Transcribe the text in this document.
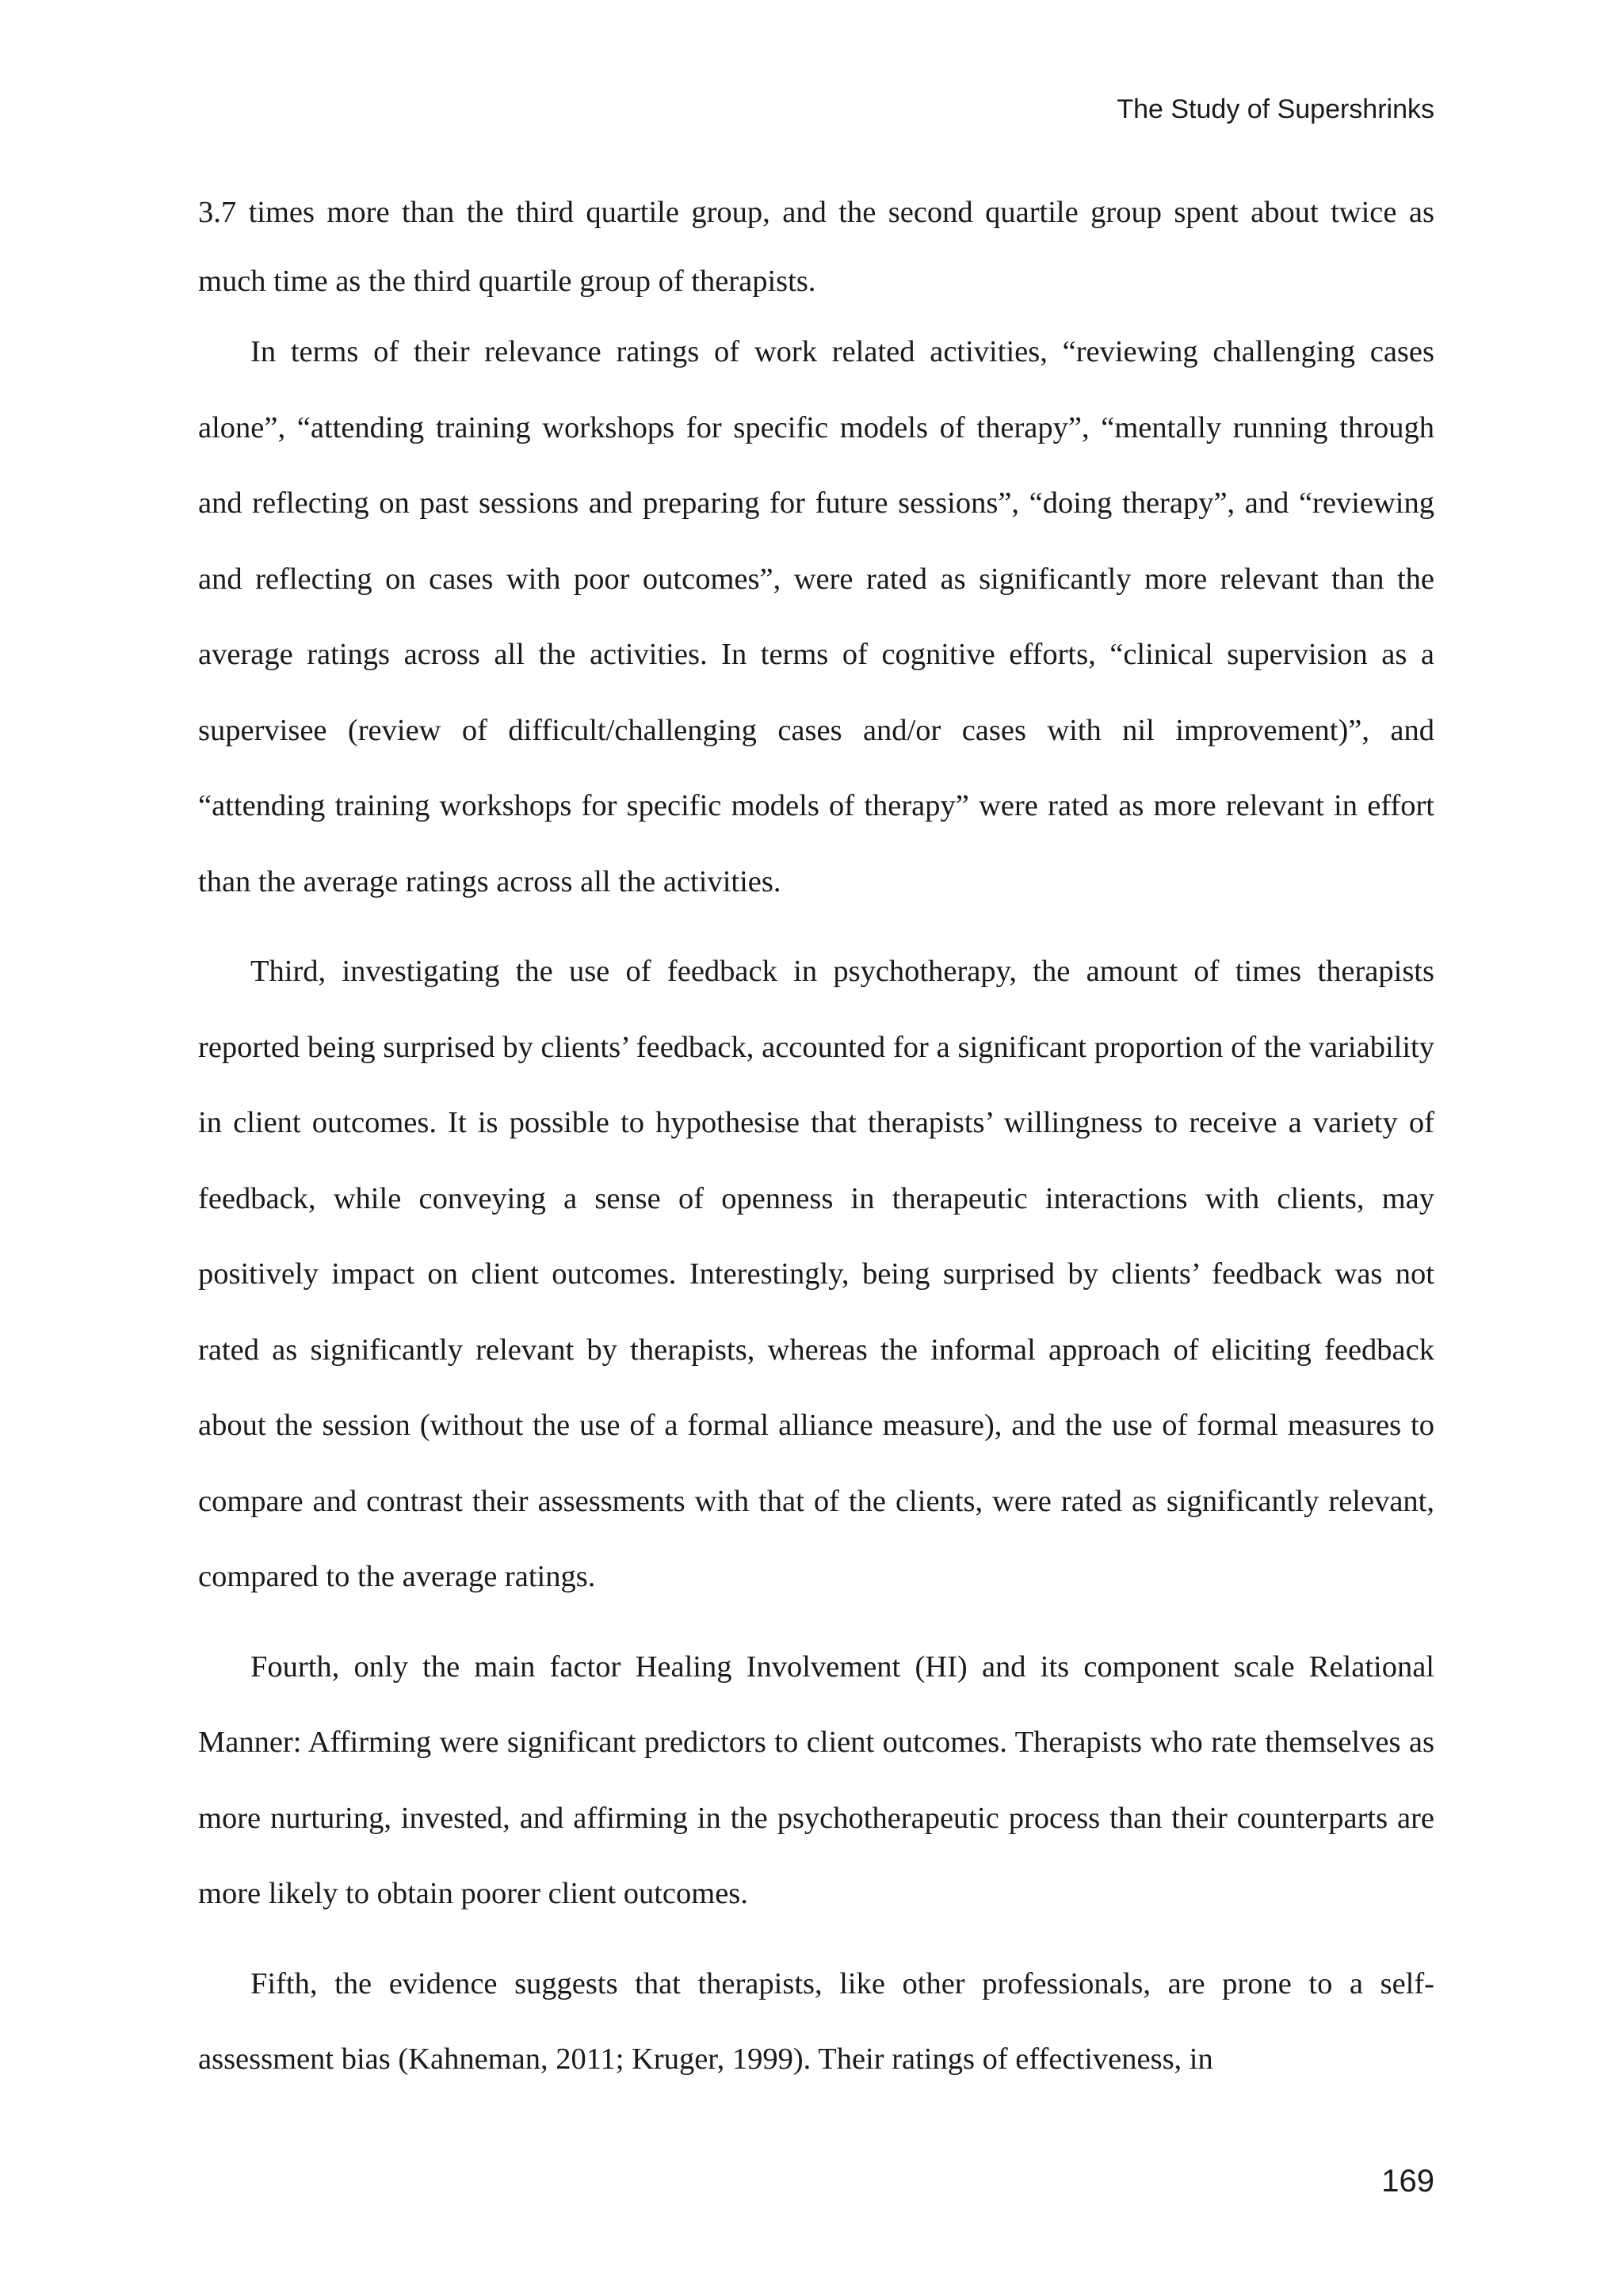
The Study of Supershrinks

3.7 times more than the third quartile group, and the second quartile group spent about twice as much time as the third quartile group of therapists.

In terms of their relevance ratings of work related activities, “reviewing challenging cases alone”, “attending training workshops for specific models of therapy”, “mentally running through and reflecting on past sessions and preparing for future sessions”, “doing therapy”, and “reviewing and reflecting on cases with poor outcomes”, were rated as significantly more relevant than the average ratings across all the activities. In terms of cognitive efforts, “clinical supervision as a supervisee (review of difficult/challenging cases and/or cases with nil improvement)”, and “attending training workshops for specific models of therapy” were rated as more relevant in effort than the average ratings across all the activities.

Third, investigating the use of feedback in psychotherapy, the amount of times therapists reported being surprised by clients’ feedback, accounted for a significant proportion of the variability in client outcomes. It is possible to hypothesise that therapists’ willingness to receive a variety of feedback, while conveying a sense of openness in therapeutic interactions with clients, may positively impact on client outcomes. Interestingly, being surprised by clients’ feedback was not rated as significantly relevant by therapists, whereas the informal approach of eliciting feedback about the session (without the use of a formal alliance measure), and the use of formal measures to compare and contrast their assessments with that of the clients, were rated as significantly relevant, compared to the average ratings.

Fourth, only the main factor Healing Involvement (HI) and its component scale Relational Manner: Affirming were significant predictors to client outcomes. Therapists who rate themselves as more nurturing, invested, and affirming in the psychotherapeutic process than their counterparts are more likely to obtain poorer client outcomes.

Fifth, the evidence suggests that therapists, like other professionals, are prone to a self-assessment bias (Kahneman, 2011; Kruger, 1999). Their ratings of effectiveness, in

169
